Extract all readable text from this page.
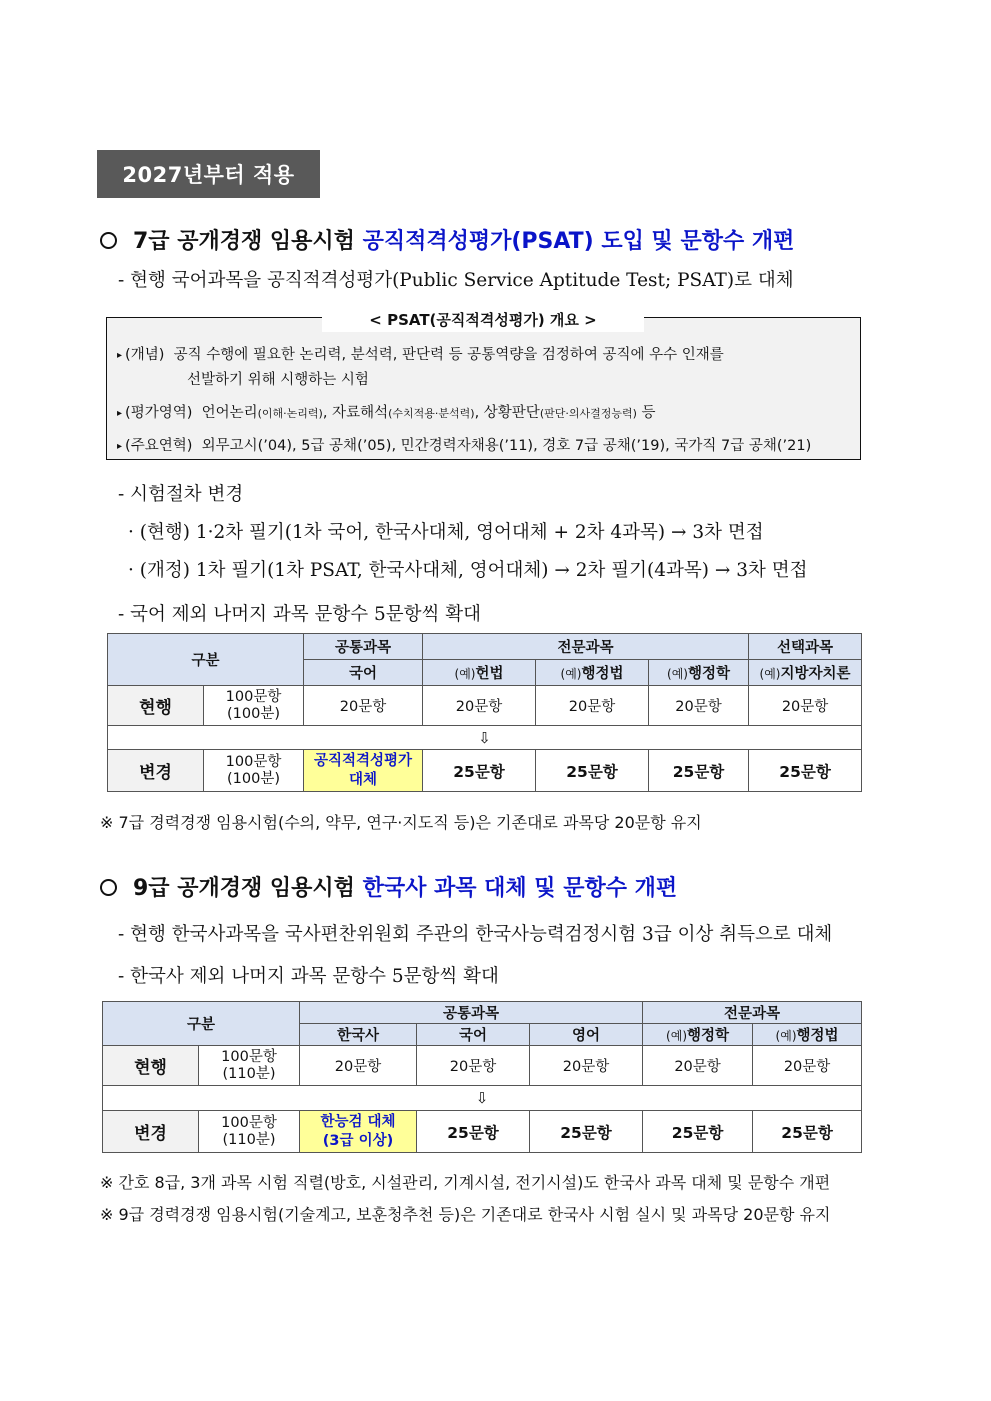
2027년부터 적용
7급 공개경쟁 임용시험 공직적격성평가(PSAT) 도입 및 문항수 개편
- 현행 국어과목을 공직적격성평가(Public Service Aptitude Test; PSAT)로 대체
< PSAT(공직적격성평가) 개요 >
▸ (개념) 공직 수행에 필요한 논리력, 분석력, 판단력 등 공통역량을 검정하여 공직에 우수 인재를
선발하기 위해 시행하는 시험
▸ (평가영역) 언어논리(이해·논리력), 자료해석(수치적용·분석력), 상황판단(판단·의사결정능력) 등
▸ (주요연혁) 외무고시(’04), 5급 공채(’05), 민간경력자채용(’11), 경호 7급 공채(’19), 국가직 7급 공채(’21)
- 시험절차 변경
· (현행) 1·2차 필기(1차 국어, 한국사대체, 영어대체 + 2차 4과목) → 3차 면접
· (개정) 1차 필기(1차 PSAT, 한국사대체, 영어대체) → 2차 필기(4과목) → 3차 면접
- 국어 제외 나머지 과목 문항수 5문항씩 확대
구분		공통과목	전문과목			선택과목
		국어	(예)헌법	(예)행정법	(예)행정학	(예)지방자치론
현행	100문항
(100분)	20문항	20문항	20문항	20문항	20문항
⇩						
변경	100문항
(100분)	공직적격성평가
대체	25문항	25문항	25문항	25문항
※ 7급 경력경쟁 임용시험(수의, 약무, 연구·지도직 등)은 기존대로 과목당 20문항 유지
9급 공개경쟁 임용시험 한국사 과목 대체 및 문항수 개편
- 현행 한국사과목을 국사편찬위원회 주관의 한국사능력검정시험 3급 이상 취득으로 대체
- 한국사 제외 나머지 과목 문항수 5문항씩 확대
구분		공통과목			전문과목	
		한국사	국어	영어	(예)행정학	(예)행정법
현행	100문항
(110분)	20문항	20문항	20문항	20문항	20문항
⇩						
변경	100문항
(110분)	한능검 대체
(3급 이상)	25문항	25문항	25문항	25문항
※ 간호 8급, 3개 과목 시험 직렬(방호, 시설관리, 기계시설, 전기시설)도 한국사 과목 대체 및 문항수 개편
※ 9급 경력경쟁 임용시험(기술계고, 보훈청추천 등)은 기존대로 한국사 시험 실시 및 과목당 20문항 유지
